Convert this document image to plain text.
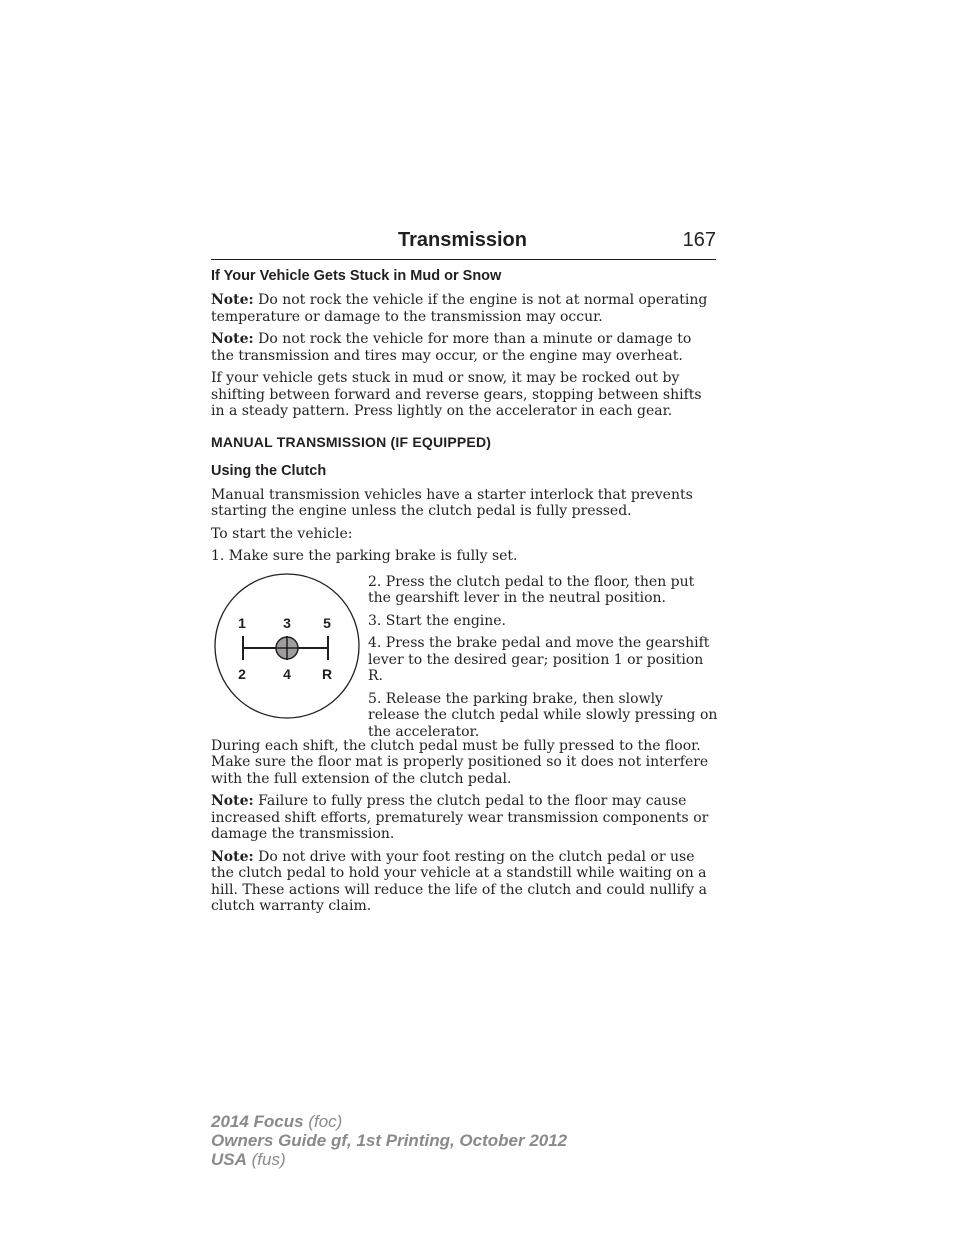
Transmission	167
If Your Vehicle Gets Stuck in Mud or Snow

Note: Do not rock the vehicle if the engine is not at normal operating temperature or damage to the transmission may occur.

Note: Do not rock the vehicle for more than a minute or damage to the transmission and tires may occur, or the engine may overheat.

If your vehicle gets stuck in mud or snow, it may be rocked out by shifting between forward and reverse gears, stopping between shifts in a steady pattern. Press lightly on the accelerator in each gear.

MANUAL TRANSMISSION (IF EQUIPPED)
Using the Clutch

Manual transmission vehicles have a starter interlock that prevents starting the engine unless the clutch pedal is fully pressed.

To start the vehicle:

1. Make sure the parking brake is fully set.

1	3 5
2	4 R

2. Press the clutch pedal to the floor, then put the gearshift lever in the neutral position.

3. Start the engine.

4. Press the brake pedal and move the gearshift lever to the desired gear; position 1 or position R.

5. Release the parking brake, then slowly release the clutch pedal while slowly pressing on the accelerator.

During each shift, the clutch pedal must be fully pressed to the floor. Make sure the floor mat is properly positioned so it does not interfere with the full extension of the clutch pedal.

Note: Failure to fully press the clutch pedal to the floor may cause increased shift efforts, prematurely wear transmission components or damage the transmission.

Note: Do not drive with your foot resting on the clutch pedal or use the clutch pedal to hold your vehicle at a standstill while waiting on a hill. These actions will reduce the life of the clutch and could nullify a clutch warranty claim.

2014 Focus (foc)
Owners Guide gf, 1st Printing, October 2012
USA (fus)
